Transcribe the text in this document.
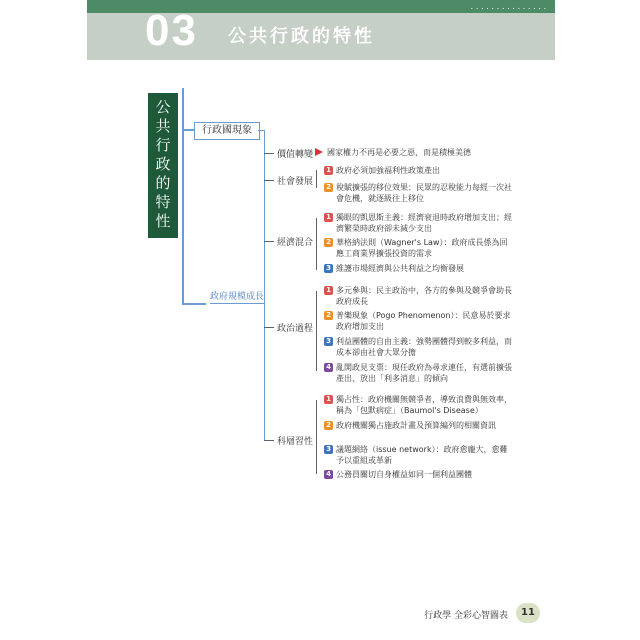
...............
03 公共行政的特性
公共行政的特性	行政國現象
政府規模成長
價值轉變	國家權力不再是必要之惡，而是積極美德
社會發展
1 政府必須加強福利性政策產出
2 稅賦擴張的移位效果：民眾的忍稅能力每經一次社會危機，就逐級往上移位
經濟混合
1 獨眼的凱恩斯主義：經濟衰退時政府增加支出；經濟繁榮時政府卻未減少支出
2 華格納法則（Wagner's Law）：政府成長係為回應工商業界擴張投資的需求
3 維護市場經濟與公共利益之均衡發展
政治過程
1 多元參與：民主政治中，各方的參與及競爭會助長政府成長
2 普樂現象（Pogo Phenomenon）：民意易於要求政府增加支出
3 利益團體的自由主義：強勢團體得到較多利益，而成本卻由社會大眾分擔
4 亂開政見支票：現任政府為尋求連任，有選前擴張產出、放出「利多消息」的傾向
科層習性
1 獨占性：政府機關無競爭者，導致浪費與無效率，稱為「包默病症」（Baumol's Disease）
2 政府機關獨占施政計畫及預算編列的相關資訊
3 議題網絡（issue network）：政府愈龐大，愈難予以重組或革新
4 公務員關切自身權益如同一個利益團體
行政學 全彩心智圖表	11
